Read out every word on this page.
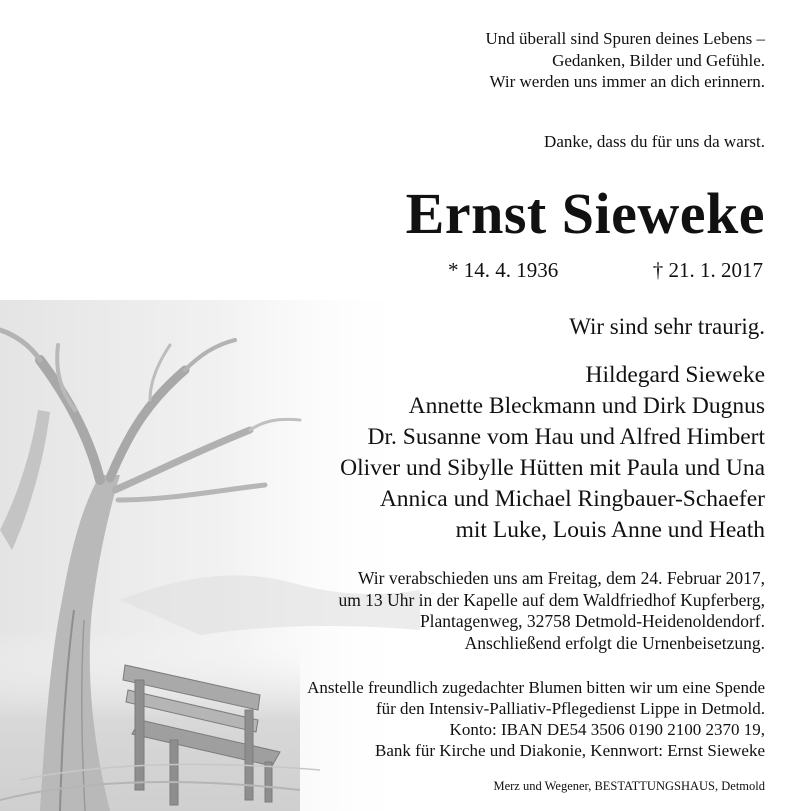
Und überall sind Spuren deines Lebens –
Gedanken, Bilder und Gefühle.
Wir werden uns immer an dich erinnern.
Danke, dass du für uns da warst.
Ernst Sieweke
* 14. 4. 1936	† 21. 1. 2017
Wir sind sehr traurig.
Hildegard Sieweke
Annette Bleckmann und Dirk Dugnus
Dr. Susanne vom Hau und Alfred Himbert
Oliver und Sibylle Hütten mit Paula und Una
Annica und Michael Ringbauer-Schaefer
mit Luke, Louis Anne und Heath
Wir verabschieden uns am Freitag, dem 24. Februar 2017,
um 13 Uhr in der Kapelle auf dem Waldfriedhof Kupferberg,
Plantagenweg, 32758 Detmold-Heidenoldendorf.
Anschließend erfolgt die Urnenbeisetzung.
Anstelle freundlich zugedachter Blumen bitten wir um eine Spende
für den Intensiv-Palliativ-Pflegedienst Lippe in Detmold.
Konto: IBAN DE54 3506 0190 2100 2370 19,
Bank für Kirche und Diakonie, Kennwort: Ernst Sieweke
Merz und Wegener, BESTATTUNGSHAUS, Detmold
